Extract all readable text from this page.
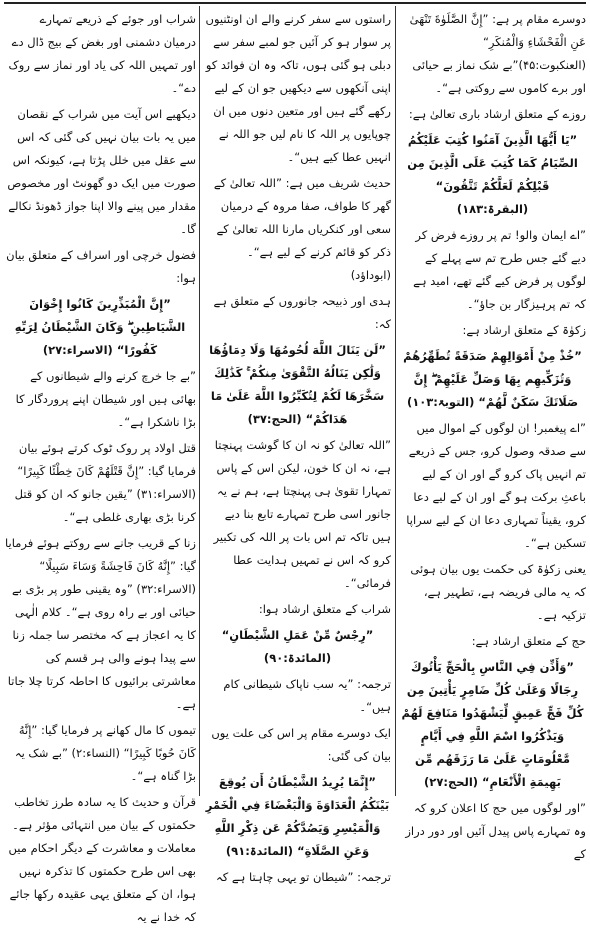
دوسرے مقام پر ہے: ”إِنَّ الصَّلَوٰةَ تَنْهَىٰ عَنِ الْفَحْشَاءِ وَالْمُنكَرِ“ (العنکبوت:۴۵)”بے شک نماز بے حیائی اور برے کاموں سے روکتی ہے“۔

روزے کے متعلق ارشاد باری تعالیٰ ہے:

”يَا أَيُّهَا الَّذِينَ آمَنُوا كُتِبَ عَلَيْكُمُ الصِّيَامُ كَمَا كُتِبَ عَلَى الَّذِينَ مِن قَبْلِكُمْ لَعَلَّكُمْ تَتَّقُونَ“ (البقرۃ:۱۸۳)

”اے ایمان والو! تم پر روزے فرض کر دیے گئے جس طرح تم سے پہلے کے لوگوں پر فرض کیے گئے تھے، امید ہے کہ تم پرہیزگار بن جاؤ“۔

زکوٰۃ کے متعلق ارشاد ہے:

”خُذْ مِنْ أَمْوَالِهِمْ صَدَقَةً تُطَهِّرُهُمْ وَتُزَكِّيهِم بِهَا وَصَلِّ عَلَيْهِمْ ۖ إِنَّ صَلَاتَكَ سَكَنٌ لَّهُمْ“ (التوبۃ:۱۰۳)

”اے پیغمبر! ان لوگوں کے اموال میں سے صدقہ وصول کرو، جس کے ذریعے تم انہیں پاک کرو گے اور ان کے لیے باعثِ برکت ہو گے اور ان کے لیے دعا کرو، یقیناً تمہاری دعا ان کے لیے سراپا تسکین ہے“۔

یعنی زکوٰۃ کی حکمت یوں بیان ہوئی کہ یہ مالی فریضہ ہے، تطہیر ہے، تزکیہ ہے۔

حج کے متعلق ارشاد ہے:

”وَأَذِّن فِي النَّاسِ بِالْحَجِّ يَأْتُوكَ رِجَالًا وَعَلَىٰ كُلِّ ضَامِرٍ يَأْتِينَ مِن كُلِّ فَجٍّ عَمِيقٍ لِّيَشْهَدُوا مَنَافِعَ لَهُمْ وَيَذْكُرُوا اسْمَ اللَّهِ فِي أَيَّامٍ مَّعْلُومَاتٍ عَلَىٰ مَا رَزَقَهُم مِّن بَهِيمَةِ الْأَنْعَامِ“ (الحج:۲۷)

”اور لوگوں میں حج کا اعلان کرو کہ وہ تمہارے پاس پیدل آئیں اور دور دراز کے

راستوں سے سفر کرنے والے ان اونٹنیوں پر سوار ہو کر آئیں جو لمبے سفر سے دبلی ہو گئی ہوں، تاکہ وہ ان فوائد کو اپنی آنکھوں سے دیکھیں جو ان کے لیے رکھے گئے ہیں اور متعین دنوں میں ان چوپایوں پر اللہ کا نام لیں جو اللہ نے انہیں عطا کیے ہیں“۔

حدیث شریف میں ہے: ”اللہ تعالیٰ کے گھر کا طواف، صفا مروہ کے درمیان سعی اور کنکریاں مارنا اللہ تعالیٰ کے ذکر کو قائم کرنے کے لیے ہے“۔ (ابوداؤد)

ہدی اور ذبیحہ جانوروں کے متعلق ہے کہ:

”لَن يَنَالَ اللَّهَ لُحُومُهَا وَلَا دِمَاؤُهَا وَلَٰكِن يَنَالُهُ التَّقْوَىٰ مِنكُمْ ۚ كَذَٰلِكَ سَخَّرَهَا لَكُمْ لِتُكَبِّرُوا اللَّهَ عَلَىٰ مَا هَدَاكُمْ“ (الحج:۳۷)

”اللہ تعالیٰ کو نہ ان کا گوشت پہنچتا ہے، نہ ان کا خون، لیکن اس کے پاس تمہارا تقویٰ ہی پہنچتا ہے، ہم نے یہ جانور اسی طرح تمہارے تابع بنا دیے ہیں تاکہ تم اس بات پر اللہ کی تکبیر کرو کہ اس نے تمہیں ہدایت عطا فرمائی“۔

شراب کے متعلق ارشاد ہوا:

”رِجْسٌ مِّنْ عَمَلِ الشَّيْطَانِ“ (المائدۃ:۹۰)

ترجمہ: ”یہ سب ناپاک شیطانی کام ہیں“۔

ایک دوسرے مقام پر اس کی علت یوں بیان کی گئی:

”إِنَّمَا يُرِيدُ الشَّيْطَانُ أَن يُوقِعَ بَيْنَكُمُ الْعَدَاوَةَ وَالْبَغْضَاءَ فِي الْخَمْرِ وَالْمَيْسِرِ وَيَصُدَّكُمْ عَن ذِكْرِ اللَّهِ وَعَنِ الصَّلَاةِ“ (المائدۃ:۹۱)

ترجمہ: ”شیطان تو یہی چاہتا ہے کہ

شراب اور جوئے کے ذریعے تمہارے درمیان دشمنی اور بغض کے بیج ڈال دے اور تمہیں اللہ کی یاد اور نماز سے روک دے“۔

دیکھیے اس آیت میں شراب کے نقصان میں یہ بات بیان نہیں کی گئی کہ اس سے عقل میں خلل پڑتا ہے، کیونکہ اس صورت میں ایک دو گھونٹ اور مخصوص مقدار میں پینے والا اپنا جواز ڈھونڈ نکالے گا۔

فضول خرچی اور اسراف کے متعلق بیان ہوا:

”إِنَّ الْمُبَذِّرِينَ كَانُوا إِخْوَانَ الشَّيَاطِينِ ۖ وَكَانَ الشَّيْطَانُ لِرَبِّهِ كَفُورًا“ (الاسراء:۲۷)

”بے جا خرچ کرنے والے شیطانوں کے بھائی ہیں اور شیطان اپنے پروردگار کا بڑا ناشکرا ہے“۔

قتل اولاد پر روک ٹوک کرتے ہوئے بیان فرمایا گیا: ”إِنَّ قَتْلَهُمْ كَانَ خِطْئًا كَبِيرًا“ (الاسراء:۳۱) ”یقین جانو کہ ان کو قتل کرنا بڑی بھاری غلطی ہے“۔

زنا کے قریب جانے سے روکتے ہوئے فرمایا گیا: ”إِنَّهُ كَانَ فَاحِشَةً وَسَاءَ سَبِيلًا“ (الاسراء:۳۲) ”وہ یقینی طور پر بڑی بے حیائی اور بے راہ روی ہے“۔ کلام الٰہی کا یہ اعجاز ہے کہ مختصر سا جملہ زنا سے پیدا ہونے والی ہر قسم کی معاشرتی برائیوں کا احاطہ کرتا چلا جاتا ہے۔

تیموں کا مال کھانے پر فرمایا گیا: ”إِنَّهُ كَانَ حُوبًا كَبِيرًا“ (النساء:۲) ”بے شک یہ بڑا گناہ ہے“۔

قرآن و حدیث کا یہ سادہ طرز تخاطب حکمتوں کے بیان میں انتہائی مؤثر ہے۔ معاملات و معاشرت کے دیگر احکام میں بھی اس طرح حکمتوں کا تذکرہ نہیں ہوا، ان کے متعلق یہی عقیدہ رکھا جائے کہ خدا نے یہ
